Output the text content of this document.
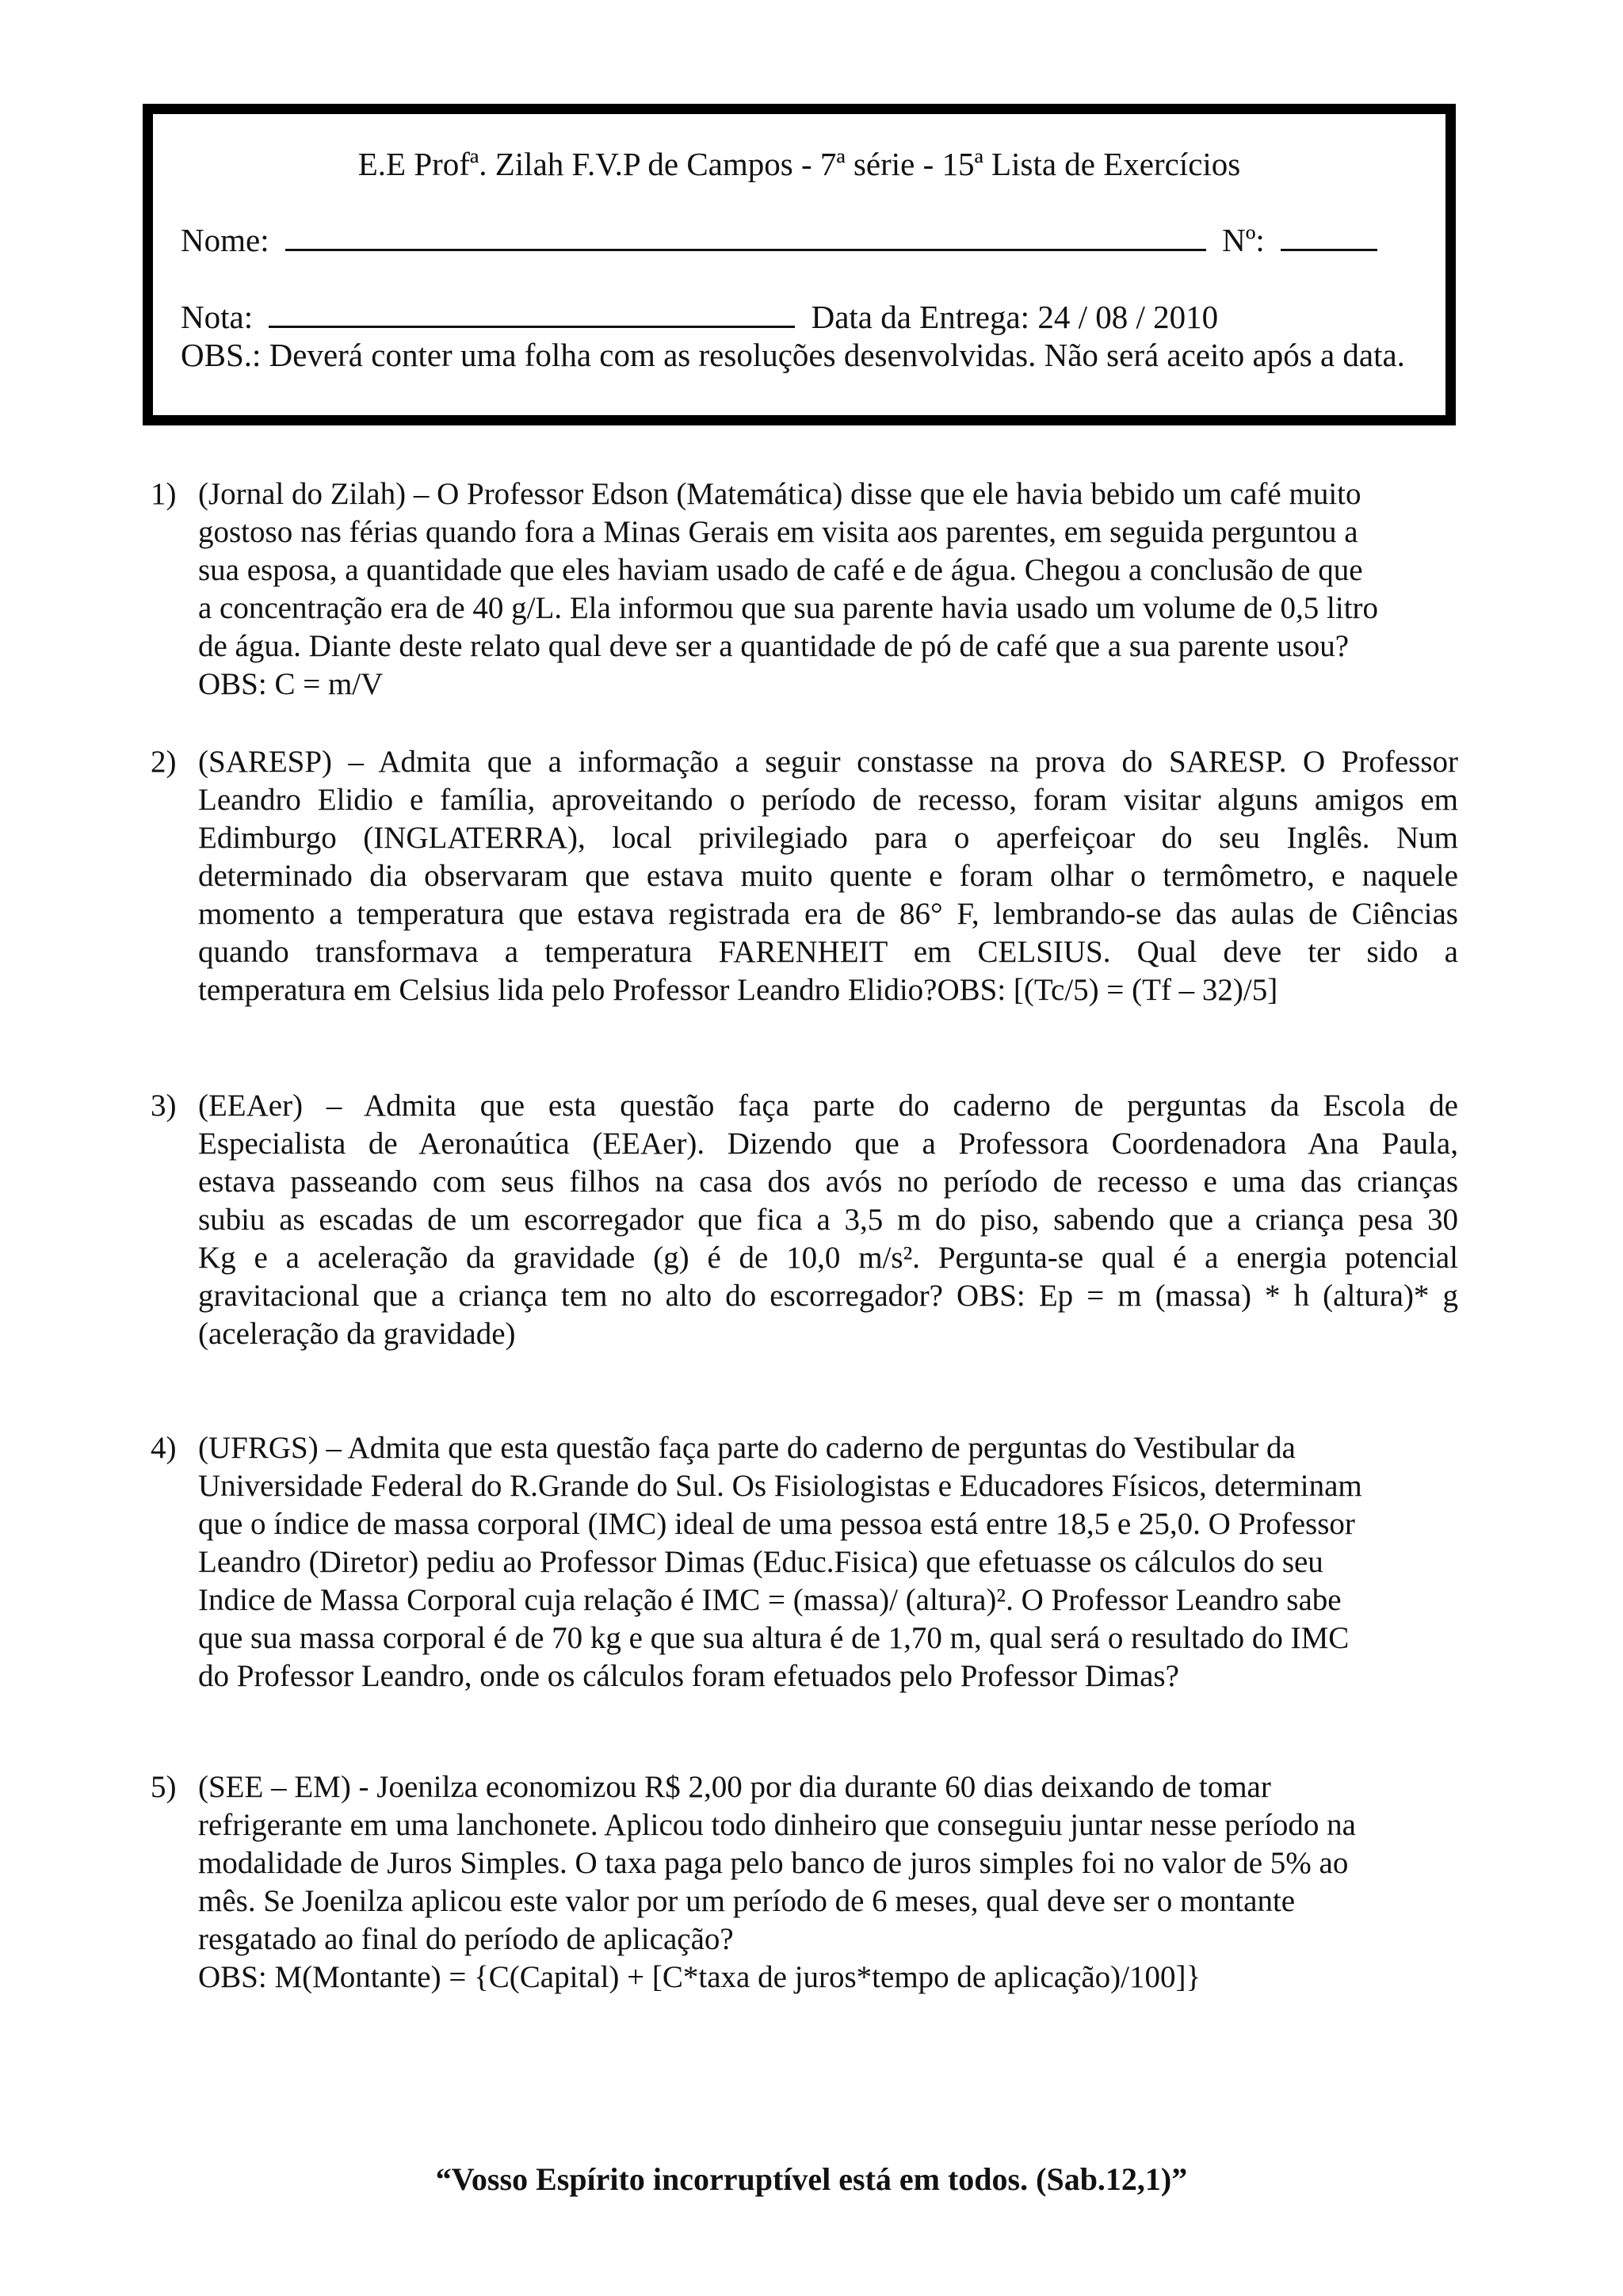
E.E Profª. Zilah F.V.P de Campos - 7ª série - 15ª Lista de Exercícios
Nome:	Nº:
Nota:	Data da Entrega: 24 / 08 / 2010
OBS.: Deverá conter uma folha com as resoluções desenvolvidas. Não será aceito após a data.
1) (Jornal do Zilah) – O Professor Edson (Matemática) disse que ele havia bebido um café muito
gostoso nas férias quando fora a Minas Gerais em visita aos parentes, em seguida perguntou a
sua esposa, a quantidade que eles haviam usado de café e de água. Chegou a conclusão de que
a concentração era de 40 g/L. Ela informou que sua parente havia usado um volume de 0,5 litro
de água. Diante deste relato qual deve ser a quantidade de pó de café que a sua parente usou?
OBS: C = m/V
2) (SARESP) – Admita que a informação a seguir constasse na prova do SARESP. O Professor
Leandro Elidio e família, aproveitando o período de recesso, foram visitar alguns amigos em
Edimburgo (INGLATERRA), local privilegiado para o aperfeiçoar do seu Inglês. Num
determinado dia observaram que estava muito quente e foram olhar o termômetro, e naquele
momento a temperatura que estava registrada era de 86° F, lembrando-se das aulas de Ciências
quando transformava a temperatura FARENHEIT em CELSIUS. Qual deve ter sido a
temperatura em Celsius lida pelo Professor Leandro Elidio?OBS: [(Tc/5) = (Tf – 32)/5]
3) (EEAer) – Admita que esta questão faça parte do caderno de perguntas da Escola de
Especialista de Aeronaútica (EEAer). Dizendo que a Professora Coordenadora Ana Paula,
estava passeando com seus filhos na casa dos avós no período de recesso e uma das crianças
subiu as escadas de um escorregador que fica a 3,5 m do piso, sabendo que a criança pesa 30
Kg e a aceleração da gravidade (g) é de 10,0 m/s². Pergunta-se qual é a energia potencial
gravitacional que a criança tem no alto do escorregador? OBS: Ep = m (massa) * h (altura)* g
(aceleração da gravidade)
4) (UFRGS) – Admita que esta questão faça parte do caderno de perguntas do Vestibular da
Universidade Federal do R.Grande do Sul. Os Fisiologistas e Educadores Físicos, determinam
que o índice de massa corporal (IMC) ideal de uma pessoa está entre 18,5 e 25,0. O Professor
Leandro (Diretor) pediu ao Professor Dimas (Educ.Fisica) que efetuasse os cálculos do seu
Indice de Massa Corporal cuja relação é IMC = (massa)/ (altura)². O Professor Leandro sabe
que sua massa corporal é de 70 kg e que sua altura é de 1,70 m, qual será o resultado do IMC
do Professor Leandro, onde os cálculos foram efetuados pelo Professor Dimas?
5) (SEE – EM) - Joenilza economizou R$ 2,00 por dia durante 60 dias deixando de tomar
refrigerante em uma lanchonete. Aplicou todo dinheiro que conseguiu juntar nesse período na
modalidade de Juros Simples. O taxa paga pelo banco de juros simples foi no valor de 5% ao
mês. Se Joenilza aplicou este valor por um período de 6 meses, qual deve ser o montante
resgatado ao final do período de aplicação?
OBS: M(Montante) = {C(Capital) + [C*taxa de juros*tempo de aplicação)/100]}
“Vosso Espírito incorruptível está em todos. (Sab.12,1)”
